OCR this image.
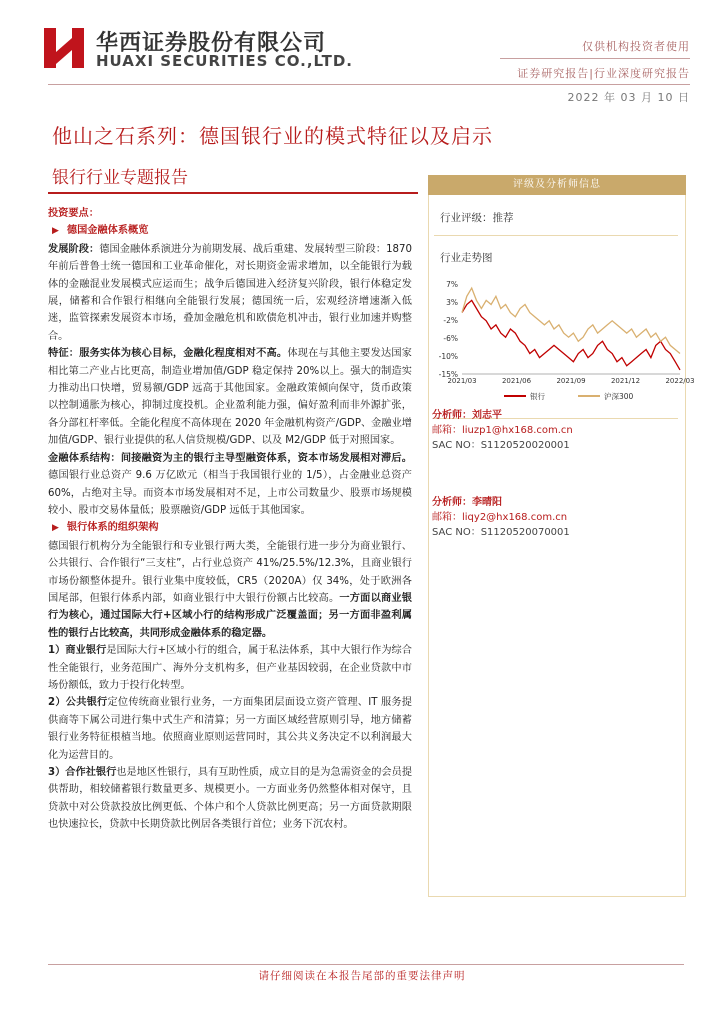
华西证券股份有限公司
HUAXI SECURITIES CO.,LTD.
仅供机构投资者使用
证券研究报告|行业深度研究报告
2022 年 03 月 10 日
他山之石系列：德国银行业的模式特征以及启示
银行行业专题报告

投资要点：

▶ 德国金融体系概览

发展阶段：德国金融体系演进分为前期发展、战后重建、发展转型三阶段：1870 年前后普鲁士统一德国和工业革命催化，对长期资金需求增加，以全能银行为载体的金融混业发展模式应运而生；战争后德国进入经济复兴阶段，银行体稳定发展，储蓄和合作银行相继向全能银行发展；德国统一后，宏观经济增速渐入低迷，监管探索发展资本市场，叠加金融危机和欧债危机冲击，银行业加速并购整合。

特征：服务实体为核心目标，金融化程度相对不高。体现在与其他主要发达国家相比第二产业占比更高，制造业增加值/GDP 稳定保持 20%以上。强大的制造实力推动出口快增，贸易额/GDP 远高于其他国家。金融政策倾向保守，货币政策以控制通胀为核心，抑制过度投机。企业盈利能力强，偏好盈利而非外源扩张，各分部杠杆率低。全能化程度不高体现在 2020 年金融机构资产/GDP、金融业增加值/GDP、银行业提供的私人信贷规模/GDP、以及 M2/GDP 低于对照国家。

金融体系结构：间接融资为主的银行主导型融资体系，资本市场发展相对滞后。德国银行业总资产 9.6 万亿欧元（相当于我国银行业的 1/5），占金融业总资产 60%，占绝对主导。而资本市场发展相对不足，上市公司数量少、股票市场规模较小、股市交易体量低；股票融资/GDP 远低于其他国家。

▶ 银行体系的组织架构

德国银行机构分为全能银行和专业银行两大类，全能银行进一步分为商业银行、公共银行、合作银行“三支柱”，占行业总资产 41%/25.5%/12.3%，且商业银行市场份额整体提升。银行业集中度较低，CR5（2020A）仅 34%，处于欧洲各国尾部，但银行体系内部，如商业银行中大银行份额占比较高。一方面以商业银行为核心，通过国际大行+区域小行的结构形成广泛覆盖面；另一方面非盈利属性的银行占比较高，共同形成金融体系的稳定器。

1）商业银行是国际大行+区域小行的组合，属于私法体系，其中大银行作为综合性全能银行，业务范围广、海外分支机构多，但产业基因较弱，在企业贷款中市场份额低，致力于投行化转型。

2）公共银行定位传统商业银行业务，一方面集团层面设立资产管理、IT 服务提供商等下属公司进行集中式生产和清算；另一方面区域经营原则引导，地方储蓄银行业务特征根植当地。依照商业原则运营同时，其公共义务决定不以利润最大化为运营目的。

3）合作社银行也是地区性银行，具有互助性质，成立目的是为急需资金的会员提供帮助，相较储蓄银行数量更多、规模更小。一方面业务仍然整体相对保守，且贷款中对公贷款投放比例更低、个体户和个人贷款比例更高；另一方面贷款期限也快速拉长，贷款中长期贷款比例居各类银行首位；业务下沉农村。

评级及分析师信息
行业评级：推荐
行业走势图
7%
3%
-2%
-6%
-10%
-15%
2021/03	2021/06	2021/09	2021/12	2022/03
银行	沪深300
分析师：刘志平
邮箱：liuzp1@hx168.com.cn
SAC NO：S1120520020001
分析师：李晴阳
邮箱：liqy2@hx168.com.cn
SAC NO：S1120520070001
请仔细阅读在本报告尾部的重要法律声明
